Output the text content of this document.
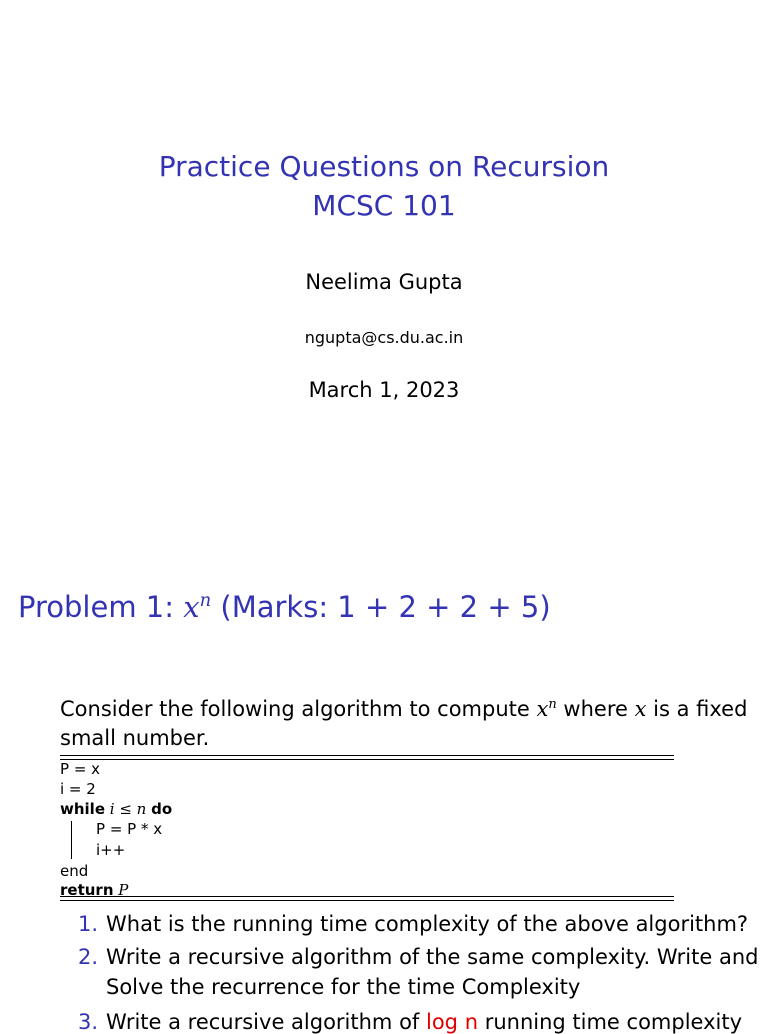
Practice Questions on Recursion
MCSC 101
Neelima Gupta
ngupta@cs.du.ac.in
March 1, 2023
Problem 1: $x^n$ (Marks: 1 + 2 + 2 + 5)
Consider the following algorithm to compute $x^n$ where x is a fixed
small number.
P = x
i = 2
while i ≤ n do
P = P * x
i++
end
return P
1. What is the running time complexity of the above algorithm?
2. Write a recursive algorithm of the same complexity. Write and
Solve the recurrence for the time Complexity
3. Write a recursive algorithm of log n running time complexity
